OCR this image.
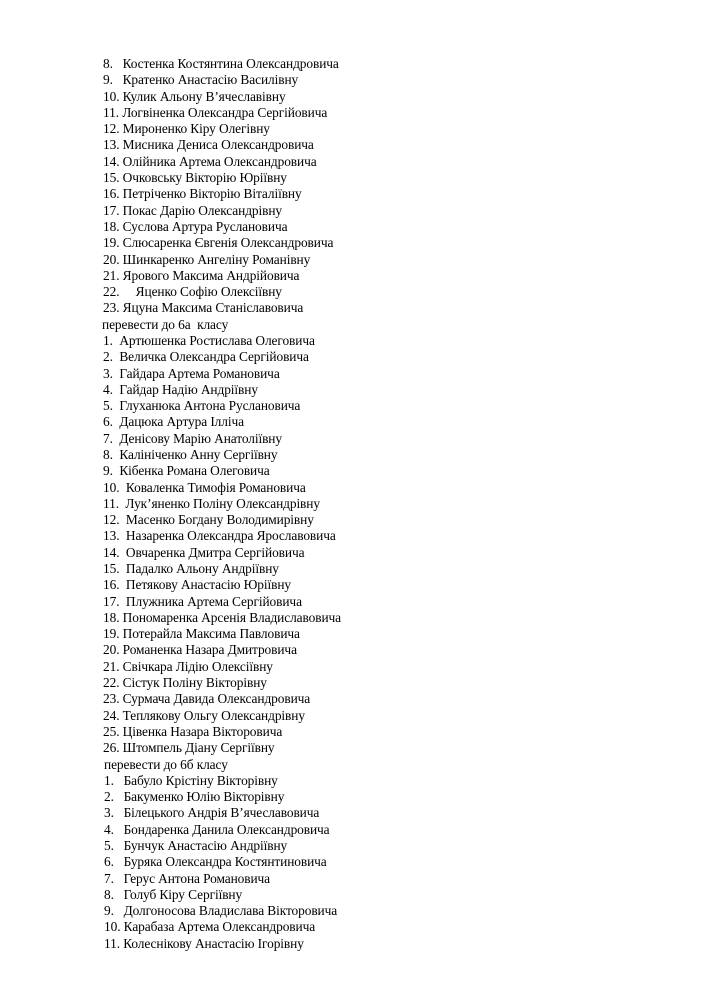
8.   Костенка Костянтина Олександровича
9.   Кратенко Анастасію Василівну
10. Кулик Альону В’ячеславівну
11. Логвіненка Олександра Сергійовича
12. Мироненко Кіру Олегівну
13. Мисника Дениса Олександровича
14. Олійника Артема Олександровича
15. Очковську Вікторію Юріївну
16. Петріченко Вікторію Віталіївну
17. Покас Дарію Олександрівну
18. Суслова Артура Руслановича
19. Слюсаренка Євгенія Олександровича
20. Шинкаренко Ангеліну Романівну
21. Ярового Максима Андрійовича
22.     Яценко Софію Олексіївну
23. Яцуна Максима Станіславовича
перевести до 6а  класу
1.  Артюшенка Ростислава Олеговича
2.  Величка Олександра Сергійовича
3.  Гайдара Артема Романовича
4.  Гайдар Надію Андріївну
5.  Глуханюка Антона Руслановича
6.  Дацюка Артура Ілліча
7.  Денісову Марію Анатоліївну
8.  Калініченко Анну Сергіївну
9.  Кібенка Романа Олеговича
10.  Коваленка Тимофія Романовича
11.  Лук’яненко Поліну Олександрівну
12.  Масенко Богдану Володимирівну
13.  Назаренка Олександра Ярославовича
14.  Овчаренка Дмитра Сергійовича
15.  Падалко Альону Андріївну
16.  Петякову Анастасію Юріївну
17.  Плужника Артема Сергійовича
18. Пономаренка Арсенія Владиславовича
19. Потерайла Максима Павловича
20. Романенка Назара Дмитровича
21. Свічкара Лідію Олексіївну
22. Сістук Поліну Вікторівну
23. Сурмача Давида Олександровича
24. Теплякову Ольгу Олександрівну
25. Цівенка Назара Вікторовича
26. Штомпель Діану Сергіївну
перевести до 6б класу
1.   Бабуло Крістіну Вікторівну
2.   Бакуменко Юлію Вікторівну
3.   Білецького Андрія В’ячеславовича
4.   Бондаренка Данила Олександровича
5.   Бунчук Анастасію Андріївну
6.   Буряка Олександра Костянтиновича
7.   Герус Антона Романовича
8.   Голуб Кіру Сергіївну
9.   Долгоносова Владислава Вікторовича
10. Карабаза Артема Олександровича
11. Колеснікову Анастасію Ігорівну
